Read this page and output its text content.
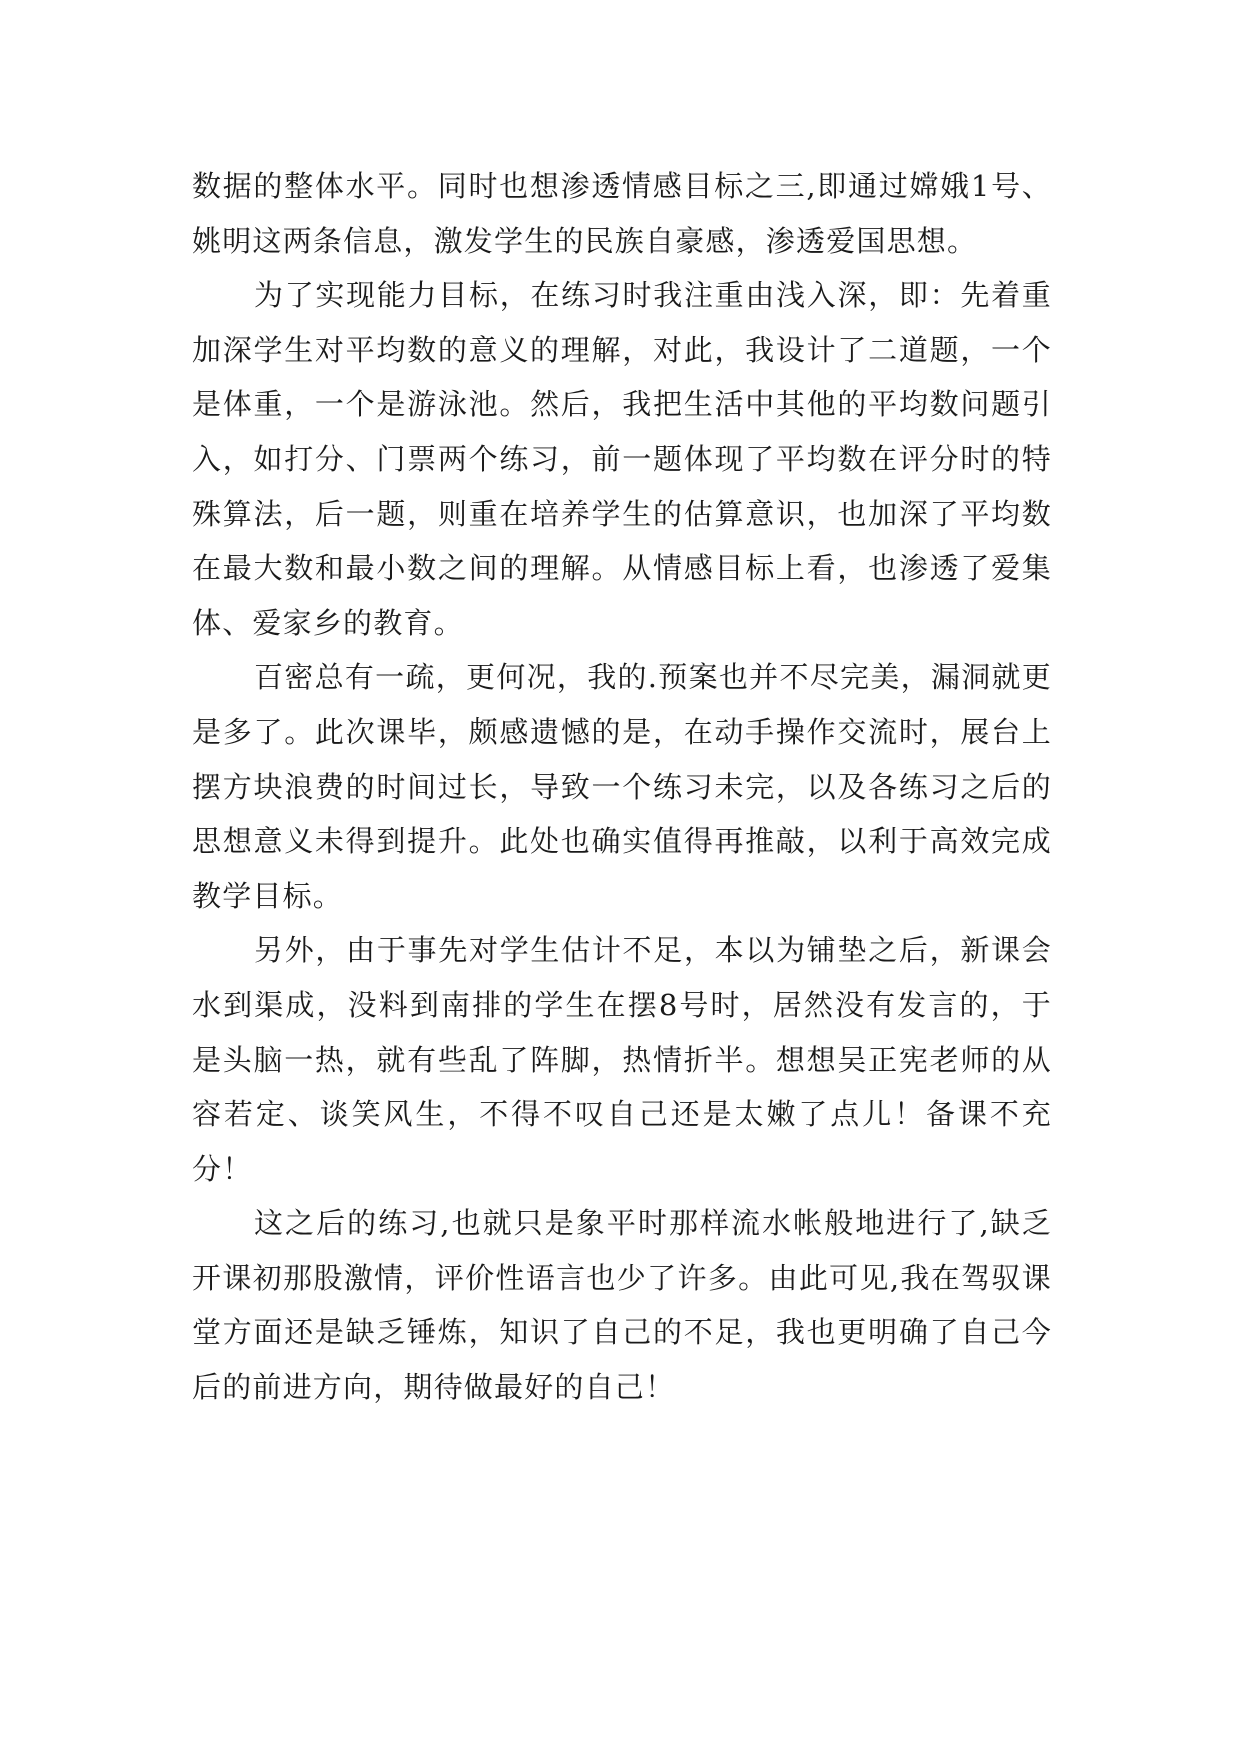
数据的整体水平。同时也想渗透情感目标之三,即通过嫦娥1号、姚明这两条信息，激发学生的民族自豪感，渗透爱国思想。

为了实现能力目标，在练习时我注重由浅入深，即：先着重加深学生对平均数的意义的理解，对此，我设计了二道题，一个是体重，一个是游泳池。然后，我把生活中其他的平均数问题引入，如打分、门票两个练习，前一题体现了平均数在评分时的特殊算法，后一题，则重在培养学生的估算意识，也加深了平均数在最大数和最小数之间的理解。从情感目标上看，也渗透了爱集体、爱家乡的教育。

百密总有一疏，更何况，我的.预案也并不尽完美，漏洞就更是多了。此次课毕，颇感遗憾的是，在动手操作交流时，展台上摆方块浪费的时间过长，导致一个练习未完，以及各练习之后的思想意义未得到提升。此处也确实值得再推敲，以利于高效完成教学目标。

另外，由于事先对学生估计不足，本以为铺垫之后，新课会水到渠成，没料到南排的学生在摆8号时，居然没有发言的，于是头脑一热，就有些乱了阵脚，热情折半。想想吴正宪老师的从容若定、谈笑风生，不得不叹自己还是太嫩了点儿！备课不充分！

这之后的练习,也就只是象平时那样流水帐般地进行了,缺乏开课初那股激情，评价性语言也少了许多。由此可见,我在驾驭课堂方面还是缺乏锤炼，知识了自己的不足，我也更明确了自己今后的前进方向，期待做最好的自己！
